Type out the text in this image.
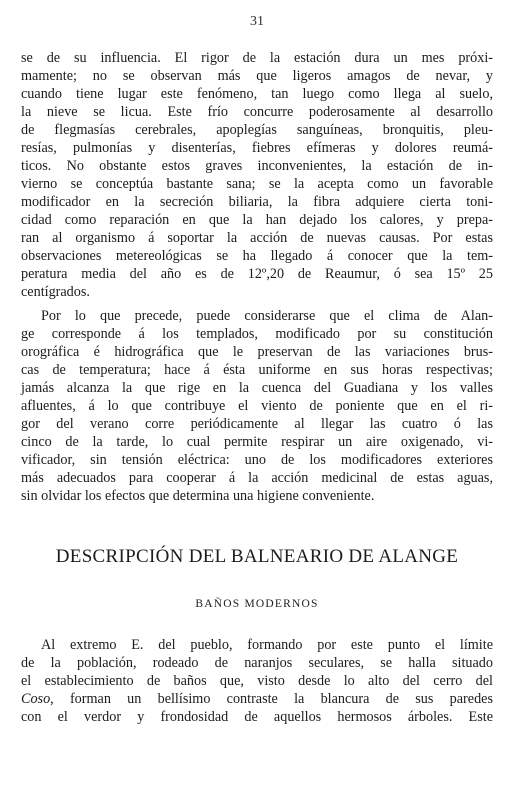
31
se de su influencia. El rigor de la estación dura un mes próxi-
mamente; no se observan más que ligeros amagos de nevar, y
cuando tiene lugar este fenómeno, tan luego como llega al suelo,
la nieve se licua. Este frío concurre poderosamente al desarrollo
de flegmasías cerebrales, apoplegías sanguíneas, bronquitis, pleu-
resías, pulmonías y disenterías, fiebres efímeras y dolores reumá-
ticos. No obstante estos graves inconvenientes, la estación de in-
vierno se conceptúa bastante sana; se la acepta como un favorable
modificador en la secreción biliaria, la fibra adquiere cierta toni-
cidad como reparación en que la han dejado los calores, y prepa-
ran al organismo á soportar la acción de nuevas causas. Por estas
observaciones metereológicas se ha llegado á conocer que la tem-
peratura media del año es de 12º,20 de Reaumur, ó sea 15º 25
centígrados.
Por lo que precede, puede considerarse que el clima de Alan-
ge corresponde á los templados, modificado por su constitución
orográfica é hidrográfica que le preservan de las variaciones brus-
cas de temperatura; hace á ésta uniforme en sus horas respectivas;
jamás alcanza la que rige en la cuenca del Guadiana y los valles
afluentes, á lo que contribuye el viento de poniente que en el ri-
gor del verano corre periódicamente al llegar las cuatro ó las
cinco de la tarde, lo cual permite respirar un aire oxigenado, vi-
vificador, sin tensión eléctrica: uno de los modificadores exteriores
más adecuados para cooperar á la acción medicinal de estas aguas,
sin olvidar los efectos que determina una higiene conveniente.
DESCRIPCIÓN DEL BALNEARIO DE ALANGE
BAÑOS MODERNOS
Al extremo E. del pueblo, formando por este punto el límite
de la población, rodeado de naranjos seculares, se halla situado
el establecimiento de baños que, visto desde lo alto del cerro del
Coso, forman un bellísimo contraste la blancura de sus paredes
con el verdor y frondosidad de aquellos hermosos árboles. Este
